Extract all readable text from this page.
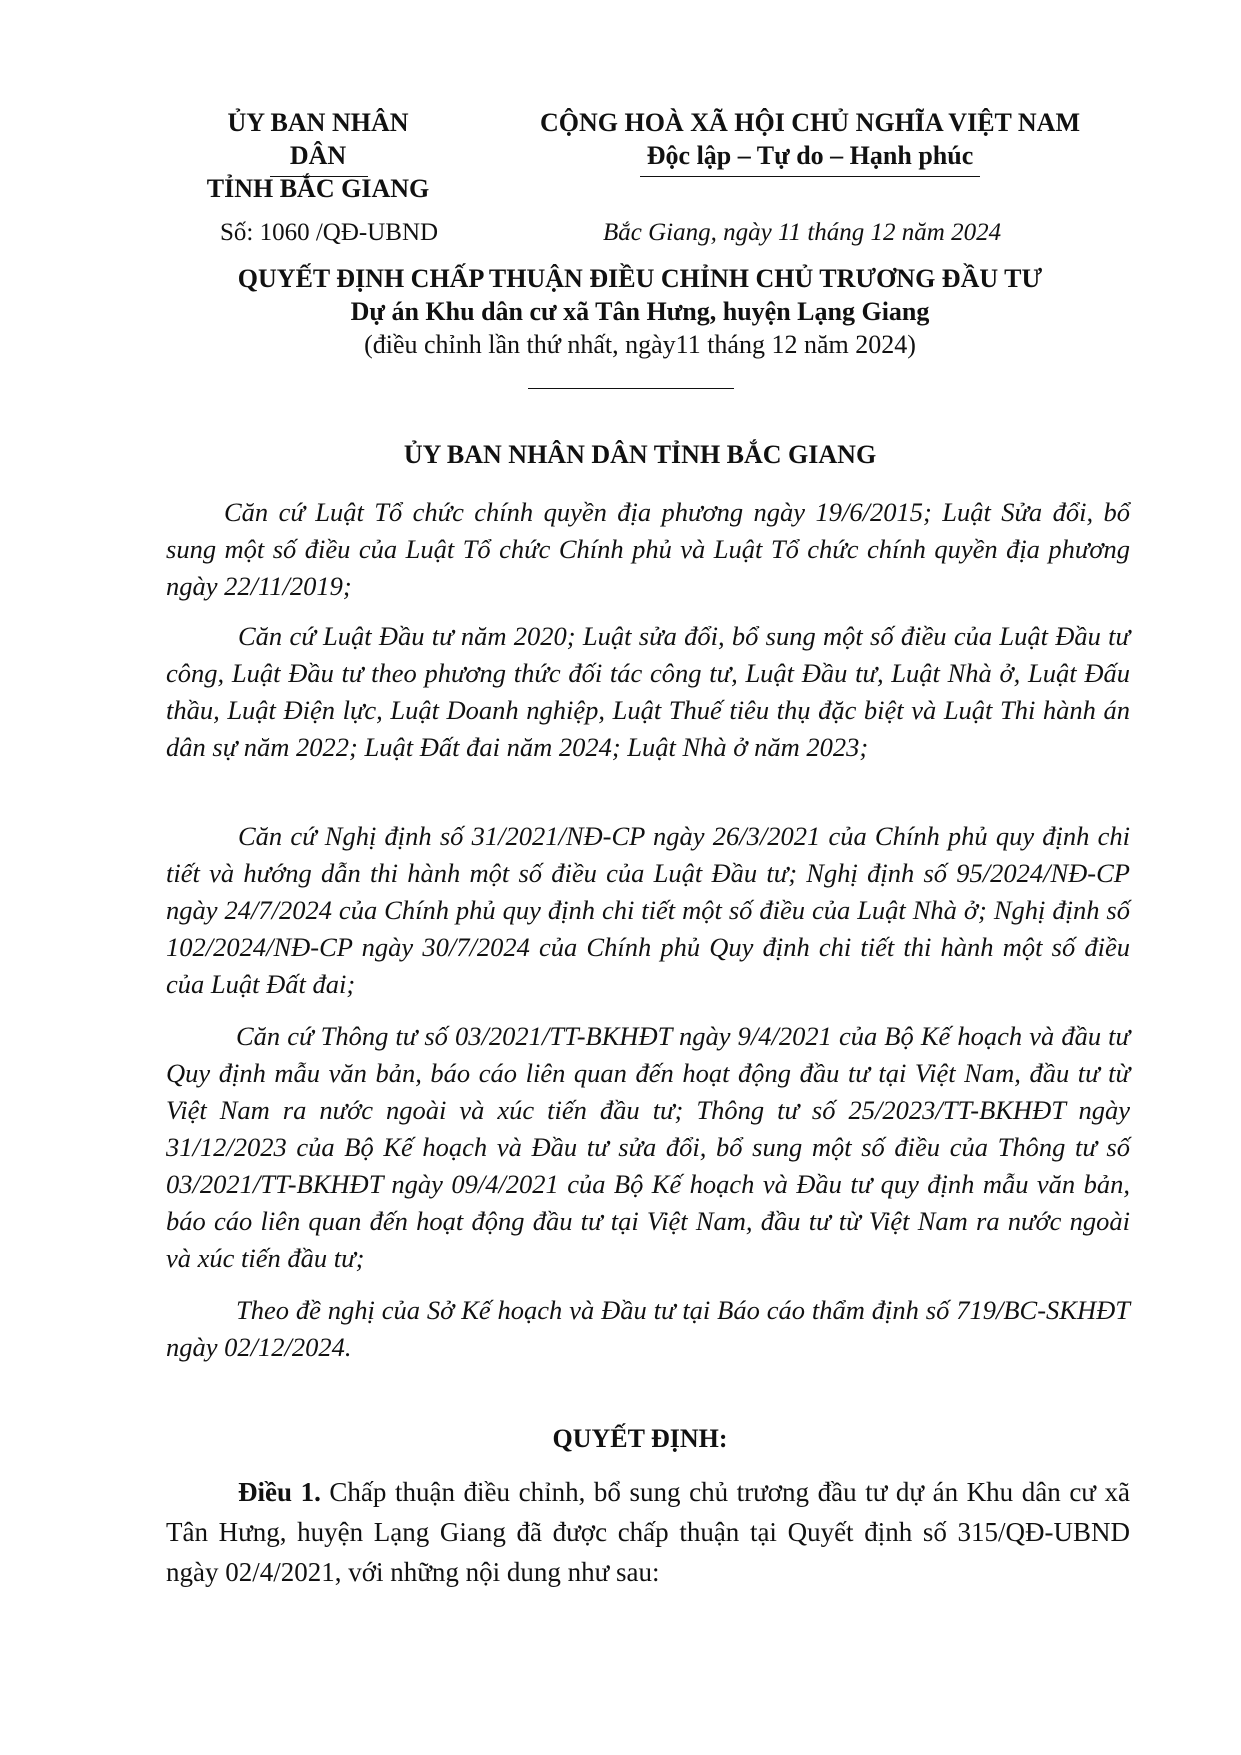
ỦY BAN NHÂN DÂN
TỈNH BẮC GIANG
CỘNG HOÀ XÃ HỘI CHỦ NGHĨA VIỆT NAM
Độc lập – Tự do – Hạnh phúc
Số: 1060 /QĐ-UBND	Bắc Giang, ngày 11 tháng 12 năm 2024
QUYẾT ĐỊNH CHẤP THUẬN ĐIỀU CHỈNH CHỦ TRƯƠNG ĐẦU TƯ
Dự án Khu dân cư xã Tân Hưng, huyện Lạng Giang
(điều chỉnh lần thứ nhất, ngày11 tháng 12 năm 2024)
ỦY BAN NHÂN DÂN TỈNH BẮC GIANG
Căn cứ Luật Tổ chức chính quyền địa phương ngày 19/6/2015; Luật Sửa đổi, bổ sung một số điều của Luật Tổ chức Chính phủ và Luật Tổ chức chính quyền địa phương ngày 22/11/2019;
Căn cứ Luật Đầu tư năm 2020; Luật sửa đổi, bổ sung một số điều của Luật Đầu tư công, Luật Đầu tư theo phương thức đối tác công tư, Luật Đầu tư, Luật Nhà ở, Luật Đấu thầu, Luật Điện lực, Luật Doanh nghiệp, Luật Thuế tiêu thụ đặc biệt và Luật Thi hành án dân sự năm 2022; Luật Đất đai năm 2024; Luật Nhà ở năm 2023;
Căn cứ Nghị định số 31/2021/NĐ-CP ngày 26/3/2021 của Chính phủ quy định chi tiết và hướng dẫn thi hành một số điều của Luật Đầu tư; Nghị định số 95/2024/NĐ-CP ngày 24/7/2024 của Chính phủ quy định chi tiết một số điều của Luật Nhà ở; Nghị định số 102/2024/NĐ-CP ngày 30/7/2024 của Chính phủ Quy định chi tiết thi hành một số điều của Luật Đất đai;
Căn cứ Thông tư số 03/2021/TT-BKHĐT ngày 9/4/2021 của Bộ Kế hoạch và đầu tư Quy định mẫu văn bản, báo cáo liên quan đến hoạt động đầu tư tại Việt Nam, đầu tư từ Việt Nam ra nước ngoài và xúc tiến đầu tư; Thông tư số 25/2023/TT-BKHĐT ngày 31/12/2023 của Bộ Kế hoạch và Đầu tư sửa đổi, bổ sung một số điều của Thông tư số 03/2021/TT-BKHĐT ngày 09/4/2021 của Bộ Kế hoạch và Đầu tư quy định mẫu văn bản, báo cáo liên quan đến hoạt động đầu tư tại Việt Nam, đầu tư từ Việt Nam ra nước ngoài và xúc tiến đầu tư;
Theo đề nghị của Sở Kế hoạch và Đầu tư tại Báo cáo thẩm định số 719/BC-SKHĐT ngày 02/12/2024.
QUYẾT ĐỊNH:
Điều 1. Chấp thuận điều chỉnh, bổ sung chủ trương đầu tư dự án Khu dân cư xã Tân Hưng, huyện Lạng Giang đã được chấp thuận tại Quyết định số 315/QĐ-UBND ngày 02/4/2021, với những nội dung như sau:
